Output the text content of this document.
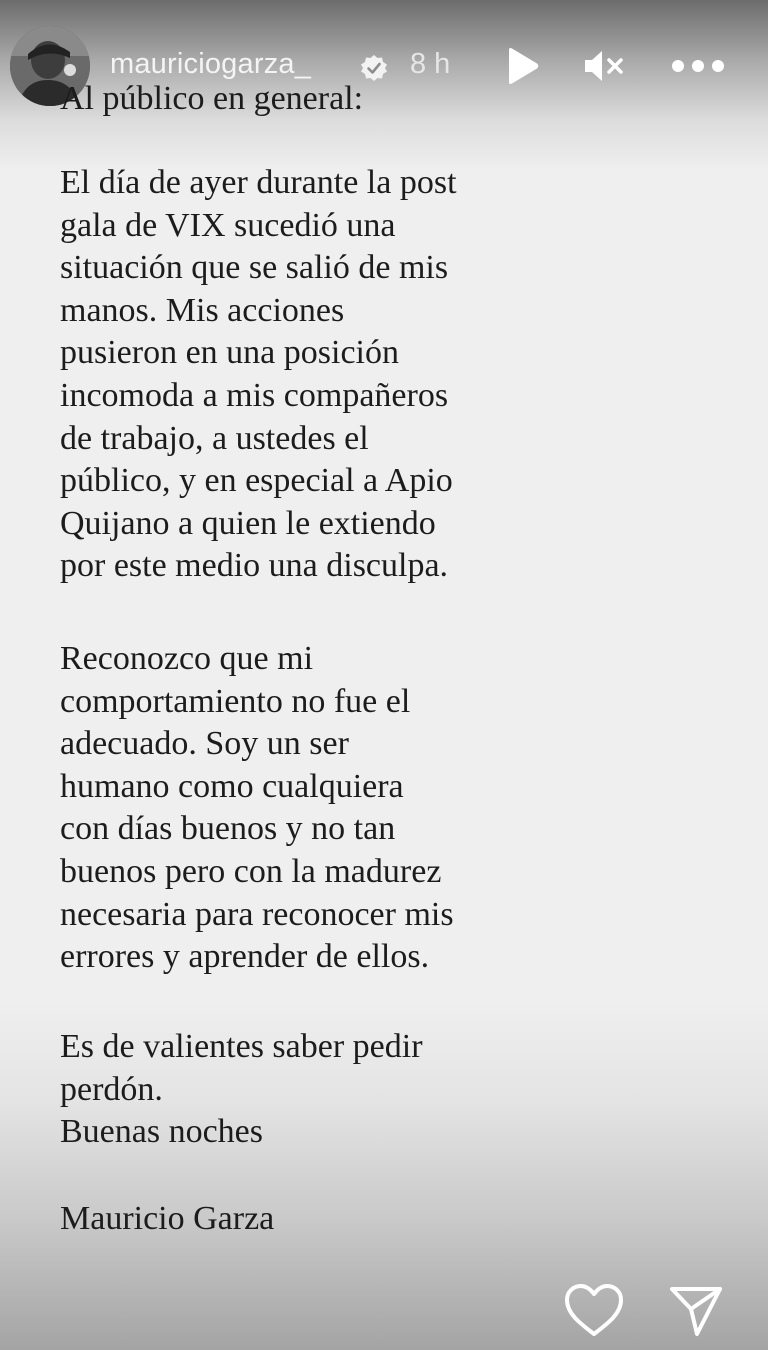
mauriciogarza_	8 h
Al público en general:

El día de ayer durante la post
gala de VIX sucedió una
situación que se salió de mis
manos. Mis acciones
pusieron en una posición
incomoda a mis compañeros
de trabajo, a ustedes el
público, y en especial a Apio
Quijano a quien le extiendo
por este medio una disculpa.

Reconozco que mi
comportamiento no fue el
adecuado. Soy un ser
humano como cualquiera
con días buenos y no tan
buenos pero con la madurez
necesaria para reconocer mis
errores y aprender de ellos.

Es de valientes saber pedir
perdón.
Buenas noches

Mauricio Garza
